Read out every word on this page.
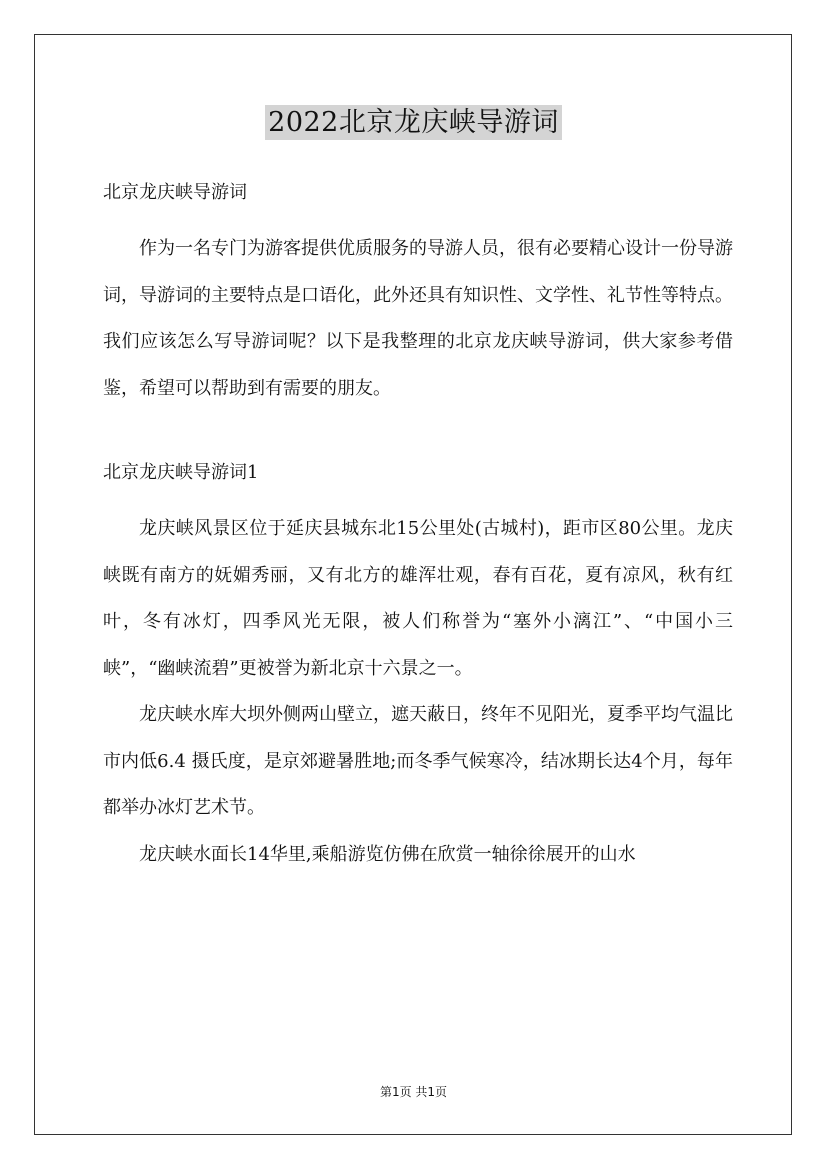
2022北京龙庆峡导游词

北京龙庆峡导游词

作为一名专门为游客提供优质服务的导游人员，很有必要精心设计一份导游词，导游词的主要特点是口语化，此外还具有知识性、文学性、礼节性等特点。我们应该怎么写导游词呢？以下是我整理的北京龙庆峡导游词，供大家参考借鉴，希望可以帮助到有需要的朋友。

北京龙庆峡导游词1

龙庆峡风景区位于延庆县城东北15公里处(古城村)，距市区80公里。龙庆峡既有南方的妩媚秀丽，又有北方的雄浑壮观，春有百花，夏有凉风，秋有红叶，冬有冰灯，四季风光无限，被人们称誉为“塞外小漓江”、“中国小三峡”，“幽峡流碧”更被誉为新北京十六景之一。

龙庆峡水库大坝外侧两山壁立，遮天蔽日，终年不见阳光，夏季平均气温比市内低6.4 摄氏度，是京郊避暑胜地;而冬季气候寒冷，结冰期长达4个月，每年都举办冰灯艺术节。

龙庆峡水面长14华里,乘船游览仿佛在欣赏一轴徐徐展开的山水

第1页 共1页
